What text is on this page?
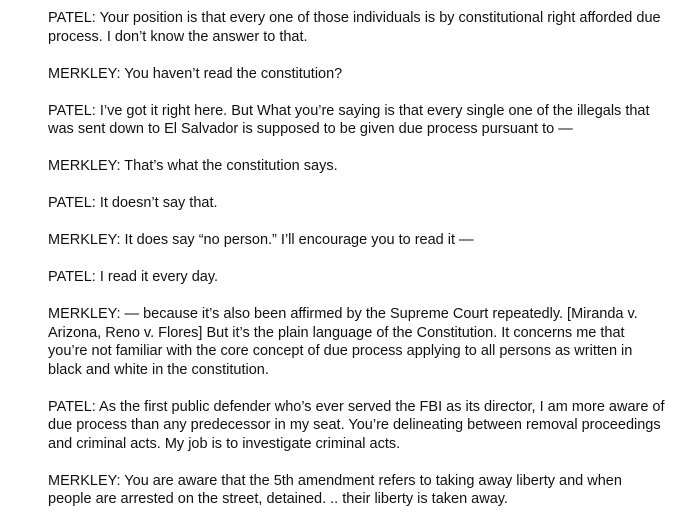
PATEL: Your position is that every one of those individuals is by constitutional right afforded due process. I don’t know the answer to that.

MERKLEY: You haven’t read the constitution?

PATEL: I’ve got it right here. But What you’re saying is that every single one of the illegals that was sent down to El Salvador is supposed to be given due process pursuant to —

MERKLEY: That’s what the constitution says.

PATEL: It doesn’t say that.

MERKLEY: It does say “no person.” I’ll encourage you to read it —

PATEL: I read it every day.

MERKLEY: — because it’s also been affirmed by the Supreme Court repeatedly. [Miranda v. Arizona, Reno v. Flores] But it’s the plain language of the Constitution. It concerns me that you’re not familiar with the core concept of due process applying to all persons as written in black and white in the constitution.

PATEL: As the first public defender who’s ever served the FBI as its director, I am more aware of due process than any predecessor in my seat. You’re delineating between removal proceedings and criminal acts. My job is to investigate criminal acts.

MERKLEY: You are aware that the 5th amendment refers to taking away liberty and when people are arrested on the street, detained. .. their liberty is taken away.
